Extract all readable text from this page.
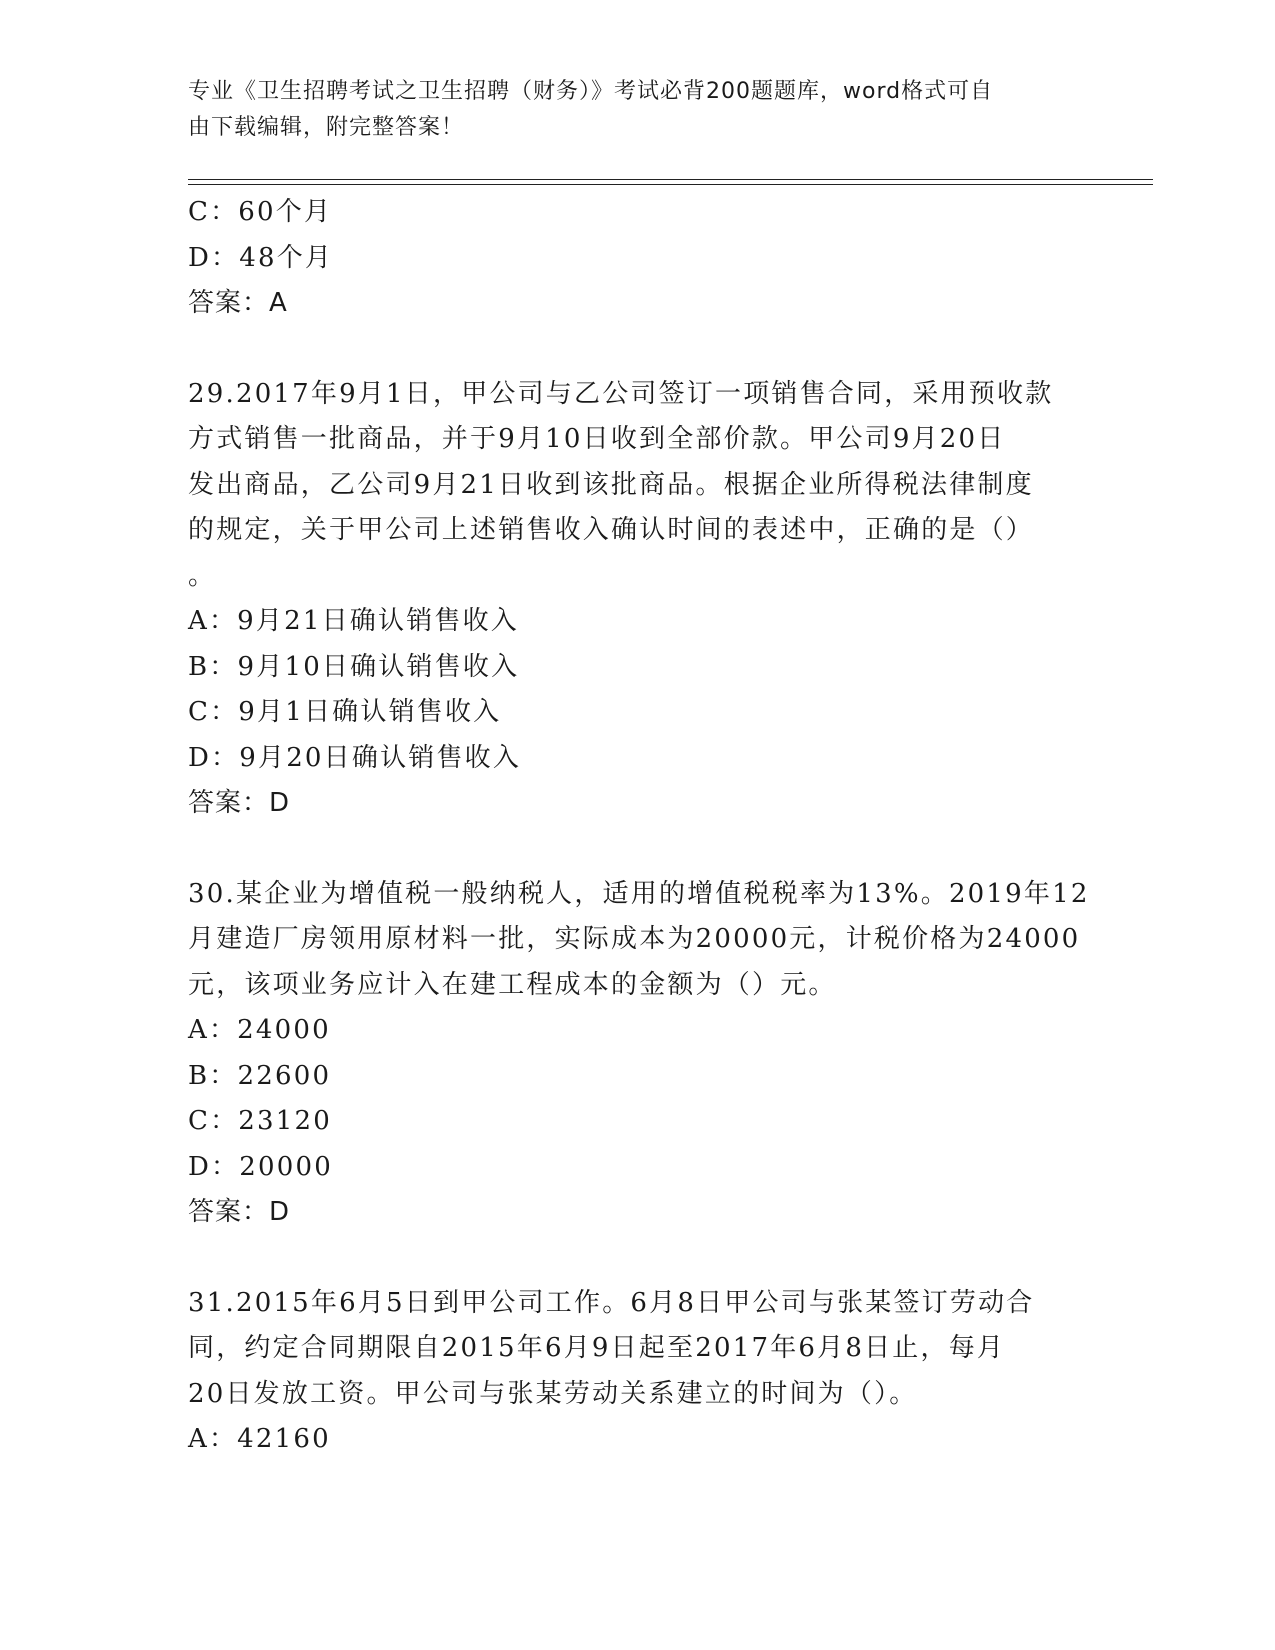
专业《卫生招聘考试之卫生招聘（财务）》考试必背200题题库，word格式可自
由下载编辑，附完整答案！
C：60个月
D：48个月
答案：A
29.2017年9月1日，甲公司与乙公司签订一项销售合同，采用预收款
方式销售一批商品，并于9月10日收到全部价款。甲公司9月20日
发出商品，乙公司9月21日收到该批商品。根据企业所得税法律制度
的规定，关于甲公司上述销售收入确认时间的表述中，正确的是（）
。
A：9月21日确认销售收入
B：9月10日确认销售收入
C：9月1日确认销售收入
D：9月20日确认销售收入
答案：D
30.某企业为增值税一般纳税人，适用的增值税税率为13%。2019年12
月建造厂房领用原材料一批，实际成本为20000元，计税价格为24000
元，该项业务应计入在建工程成本的金额为（）元。
A：24000
B：22600
C：23120
D：20000
答案：D
31.2015年6月5日到甲公司工作。6月8日甲公司与张某签订劳动合
同，约定合同期限自2015年6月9日起至2017年6月8日止，每月
20日发放工资。甲公司与张某劳动关系建立的时间为（）。
A：42160
